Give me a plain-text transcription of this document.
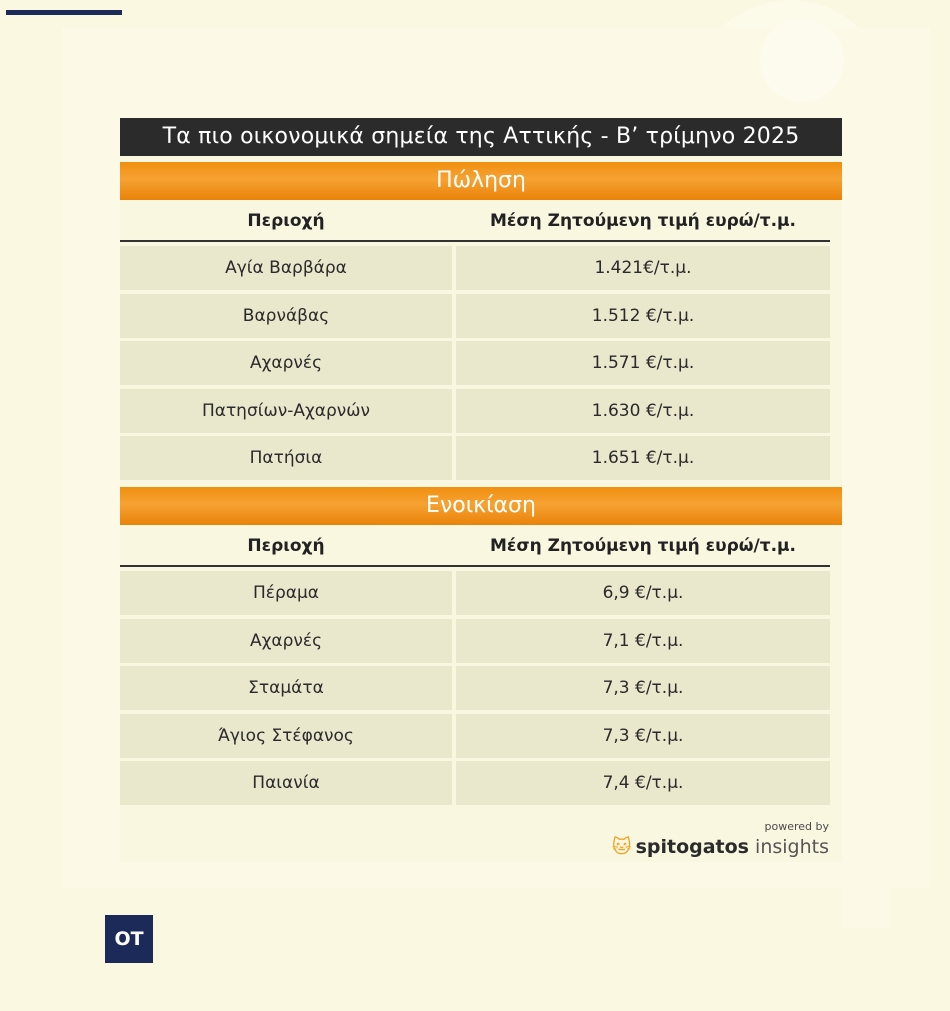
Τα πιο οικονομικά σημεία της Αττικής - Β’ τρίμηνο 2025
Πώληση
Περιοχή	Μέση Ζητούμενη τιμή ευρώ/τ.μ.
Αγία Βαρβάρα	1.421€/τ.μ.
Βαρνάβας	1.512 €/τ.μ.
Αχαρνές	1.571 €/τ.μ.
Πατησίων-Αχαρνών	1.630 €/τ.μ.
Πατήσια	1.651 €/τ.μ.
Ενοικίαση
Περιοχή	Μέση Ζητούμενη τιμή ευρώ/τ.μ.
Πέραμα	6,9 €/τ.μ.
Αχαρνές	7,1 €/τ.μ.
Σταμάτα	7,3 €/τ.μ.
Άγιος Στέφανος	7,3 €/τ.μ.
Παιανία	7,4 €/τ.μ.
powered by
🐱︎ spitogatos insights
OT
